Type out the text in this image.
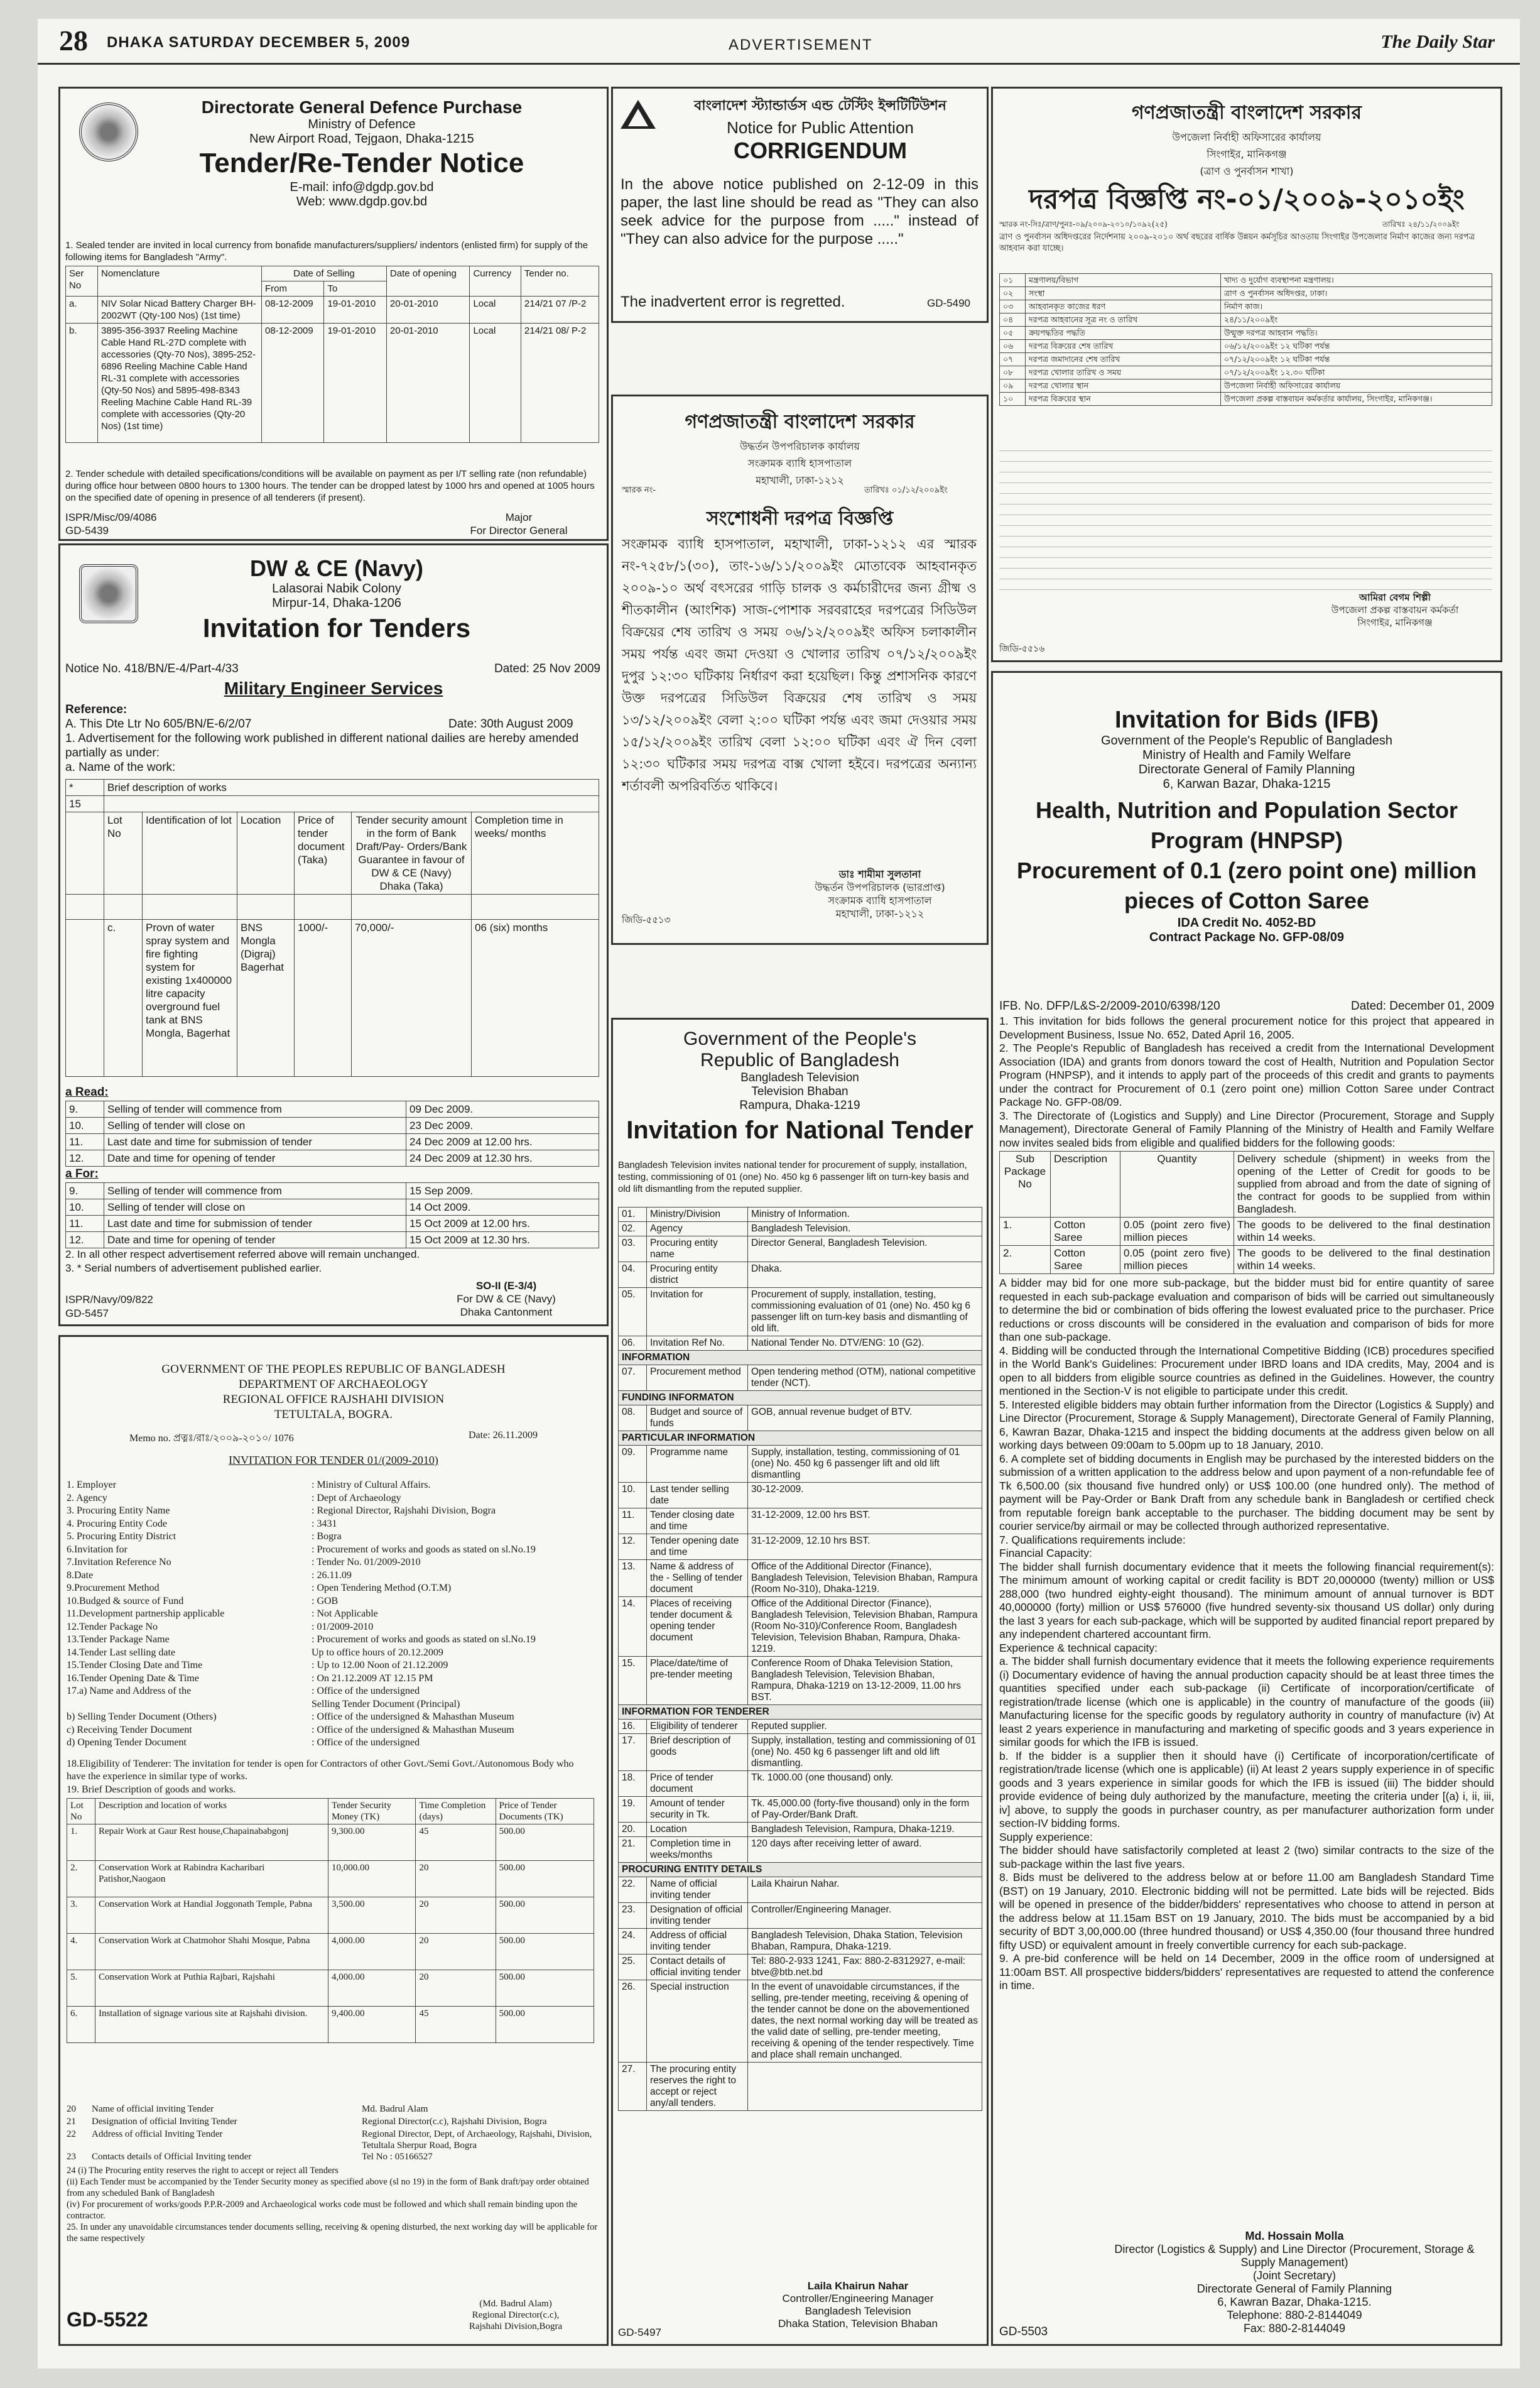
28 DHAKA SATURDAY DECEMBER 5, 2009	ADVERTISEMENT	The Daily Star
Directorate General Defence Purchase
Ministry of Defence
New Airport Road, Tejgaon, Dhaka-1215
Tender/Re-Tender Notice
E-mail: info@dgdp.gov.bd
Web: www.dgdp.gov.bd
1. Sealed tender are invited in local currency from bonafide manufacturers/suppliers/ indentors (enlisted firm) for supply of the following items for Bangladesh "Army".
Ser No	Nomenclature	Date of Selling		Date of opening	Currency	Tender no.
		From	To			
a.	NIV Solar Nicad Battery Charger BH-2002WT (Qty-100 Nos) (1st time)	08-12-2009	19-01-2010	20-01-2010	Local	214/21 07 /P-2
b.	3895-356-3937 Reeling Machine Cable Hand RL-27D complete with accessories (Qty-70 Nos), 3895-252-6896 Reeling Machine Cable Hand RL-31 complete with accessories (Qty-50 Nos) and 5895-498-8343 Reeling Machine Cable Hand RL-39 complete with accessories (Qty-20 Nos) (1st time)	08-12-2009	19-01-2010	20-01-2010	Local	214/21 08/ P-2
2. Tender schedule with detailed specifications/conditions will be available on payment as per I/T selling rate (non refundable) during office hour between 0800 hours to 1300 hours. The tender can be dropped latest by 1000 hrs and opened at 1005 hours on the specified date of opening in presence of all tenderers (if present).
ISPR/Misc/09/4086
GD-5439
Major
For Director General
DW & CE (Navy)
Lalasorai Nabik Colony
Mirpur-14, Dhaka-1206
Invitation for Tenders
Notice No. 418/BN/E-4/Part-4/33	Dated: 25 Nov 2009
Military Engineer Services
Reference:
A. This Dte Ltr No 605/BN/E-6/2/07	Date: 30th August 2009
1. Advertisement for the following work published in different national dailies are hereby amended partially as under:
a. Name of the work:
*	Brief description of works					
15						
	Lot No	Identification of lot	Location	Price of tender document (Taka)	Tender security amount in the form of Bank Draft/Pay- Orders/Bank Guarantee in favour of DW & CE (Navy) Dhaka (Taka)	Completion time in weeks/ months

	c.	Provn of water spray system and fire fighting system for existing 1x400000 litre capacity overground fuel tank at BNS Mongla, Bagerhat	BNS Mongla (Digraj) Bagerhat	1000/-	70,000/-	06 (six) months
a Read:
9.	Selling of tender will commence from	09 Dec 2009.
10.	Selling of tender will close on	23 Dec 2009.
11.	Last date and time for submission of tender	24 Dec 2009 at 12.00 hrs.
12.	Date and time for opening of tender	24 Dec 2009 at 12.30 hrs.
a For:
9.	Selling of tender will commence from	15 Sep 2009.
10.	Selling of tender will close on	14 Oct 2009.
11.	Last date and time for submission of tender	15 Oct 2009 at 12.00 hrs.
12.	Date and time for opening of tender	15 Oct 2009 at 12.30 hrs.
2. In all other respect advertisement referred above will remain unchanged.
3. * Serial numbers of advertisement published earlier.
ISPR/Navy/09/822
GD-5457
SO-II (E-3/4)
For DW & CE (Navy)
Dhaka Cantonment
GOVERNMENT OF THE PEOPLES REPUBLIC OF BANGLADESH
DEPARTMENT OF ARCHAEOLOGY
REGIONAL OFFICE RAJSHAHI DIVISION
TETULTALA, BOGRA.
Memo no. প্রত্নঃ/রাঃ/২০০৯-২০১০/ 1076	Date: 26.11.2009
INVITATION FOR TENDER 01/(2009-2010)
1. Employer	: Ministry of Cultural Affairs.
2. Agency	: Dept of Archaeology
3. Procuring Entity Name	: Regional Director, Rajshahi Division, Bogra
4. Procuring Entity Code	: 3431
5. Procuring Entity District	: Bogra
6.Invitation for	: Procurement of works and goods as stated on sl.No.19
7.Invitation Reference No	: Tender No. 01/2009-2010
8.Date	: 26.11.09
9.Procurement Method	: Open Tendering Method (O.T.M)
10.Budged & source of Fund	: GOB
11.Development partnership applicable	: Not Applicable
12.Tender Package No	: 01/2009-2010
13.Tender Package Name	: Procurement of works and goods as stated on sl.No.19
14.Tender Last selling date	Up to office hours of 20.12.2009
15.Tender Closing Date and Time	: Up to 12.00 Noon of 21.12.2009
16.Tender Opening Date & Time	: On 21.12.2009 AT 12.15 PM
17.a) Name and Address of the	: Office of the undersigned
Selling Tender Document (Principal)
b) Selling Tender Document (Others)	: Office of the undersigned & Mahasthan Museum
c) Receiving Tender Document	: Office of the undersigned & Mahasthan Museum
d) Opening Tender Document	: Office of the undersigned
18.Eligibility of Tenderer: The invitation for tender is open for Contractors of other Govt./Semi Govt./Autonomous Body who have the experience in similar type of works.
19. Brief Description of goods and works.
Lot No	Description and location of works	Tender Security Money (TK)	Time Completion (days)	Price of Tender Documents (TK)
1.	Repair Work at Gaur Rest house,Chapainababgonj	9,300.00	45	500.00
2.	Conservation Work at Rabindra Kacharibari Patishor,Naogaon	10,000.00	20	500.00
3.	Conservation Work at Handial Joggonath Temple, Pabna	3,500.00	20	500.00
4.	Conservation Work at Chatmohor Shahi Mosque, Pabna	4,000.00	20	500.00
5.	Conservation Work at Puthia Rajbari, Rajshahi	4,000.00	20	500.00
6.	Installation of signage various site at Rajshahi division.	9,400.00	45	500.00
20 Name of official inviting Tender	Md. Badrul Alam
21 Designation of official Inviting Tender	Regional Director(c.c), Rajshahi Division, Bogra
22 Address of official Inviting Tender	Regional Director, Dept, of Archaeology, Rajshahi, Division, Tetultala Sherpur Road, Bogra
23 Contacts details of Official Inviting tender	Tel No : 05166527
24 (i) The Procuring entity reserves the right to accept or reject all Tenders
(ii) Each Tender must be accompanied by the Tender Security money as specified above (sl no 19) in the form of Bank draft/pay order obtained from any scheduled Bank of Bangladesh
(iv) For procurement of works/goods P.P.R-2009 and Archaeological works code must be followed and which shall remain binding upon the contractor.
25. In under any unavoidable circumstances tender documents selling, receiving & opening disturbed, the next working day will be applicable for the same respectively
GD-5522
(Md. Badrul Alam)
Regional Director(c.c),
Rajshahi Division,Bogra
বাংলাদেশ স্ট্যান্ডার্ডস এন্ড টেস্টিং ইন্সটিটিউশন
Notice for Public Attention
CORRIGENDUM
In the above notice published on 2-12-09 in this paper, the last line should be read as "They can also seek advice for the purpose from ....." instead of "They can also advice for the purpose ....."
The inadvertent error is regretted.	GD-5490
গণপ্রজাতন্ত্রী বাংলাদেশ সরকার
উদ্ধর্তন উপপরিচালক কার্যালয়
সংক্রামক ব্যাধি হাসপাতাল
মহাখালী, ঢাকা-১২১২
স্মারক নং-	তারিখঃ ০১/১২/২০০৯ইং
সংশোধনী দরপত্র বিজ্ঞপ্তি
সংক্রামক ব্যাধি হাসপাতাল, মহাখালী, ঢাকা-১২১২ এর স্মারক নং-৭২৫৮/১(৩০), তাং-১৬/১১/২০০৯ইং মোতাবেক আহবানকৃত ২০০৯-১০ অর্থ বৎসরের গাড়ি চালক ও কর্মচারীদের জন্য গ্রীষ্ম ও শীতকালীন (আংশিক) সাজ-পোশাক সরবরাহের দরপত্রের সিডিউল বিক্রয়ের শেষ তারিখ ও সময় ০৬/১২/২০০৯ইং অফিস চলাকালীন সময় পর্যন্ত এবং জমা দেওয়া ও খোলার তারিখ ০৭/১২/২০০৯ইং দুপুর ১২:৩০ ঘটিকায় নির্ধারণ করা হয়েছিল। কিন্তু প্রশাসনিক কারণে উক্ত দরপত্রের সিডিউল বিক্রয়ের শেষ তারিখ ও সময় ১৩/১২/২০০৯ইং বেলা ২:০০ ঘটিকা পর্যন্ত এবং জমা দেওয়ার সময় ১৫/১২/২০০৯ইং তারিখ বেলা ১২:০০ ঘটিকা এবং ঐ দিন বেলা ১২:৩০ ঘটিকার সময় দরপত্র বাক্স খোলা হইবে। দরপত্রের অন্যান্য শর্তাবলী অপরিবর্তিত থাকিবে।
ডাঃ শামীমা সুলতানা
উদ্ধর্তন উপপরিচালক (ভারপ্রাপ্ত)
সংক্রামক ব্যাধি হাসপাতাল
মহাখালী, ঢাকা-১২১২
জিডি-৫৫১৩
Government of the People's
Republic of Bangladesh
Bangladesh Television
Television Bhaban
Rampura, Dhaka-1219
Invitation for National Tender
Bangladesh Television invites national tender for procurement of supply, installation, testing, commissioning of 01 (one) No. 450 kg 6 passenger lift on turn-key basis and old lift dismantling from the reputed supplier.
01.	Ministry/Division	Ministry of Information.
02.	Agency	Bangladesh Television.
03.	Procuring entity name	Director General, Bangladesh Television.
04.	Procuring entity district	Dhaka.
05.	Invitation for	Procurement of supply, installation, testing, commissioning evaluation of 01 (one) No. 450 kg 6 passenger lift on turn-key basis and dismantling of old lift.
06.	Invitation Ref No.	National Tender No. DTV/ENG: 10 (G2).
INFORMATION		
07.	Procurement method	Open tendering method (OTM), national competitive tender (NCT).
FUNDING INFORMATON		
08.	Budget and source of funds	GOB, annual revenue budget of BTV.
PARTICULAR INFORMATION		
09.	Programme name	Supply, installation, testing, commissioning of 01 (one) No. 450 kg 6 passenger lift and old lift dismantling
10.	Last tender selling date	30-12-2009.
11.	Tender closing date and time	31-12-2009, 12.00 hrs BST.
12.	Tender opening date and time	31-12-2009, 12.10 hrs BST.
13.	Name & address of the - Selling of tender document	Office of the Additional Director (Finance), Bangladesh Television, Television Bhaban, Rampura (Room No-310), Dhaka-1219.
14.	Places of receiving tender document & opening tender document	Office of the Additional Director (Finance), Bangladesh Television, Television Bhaban, Rampura (Room No-310)/Conference Room, Bangladesh Television, Television Bhaban, Rampura, Dhaka-1219.
15.	Place/date/time of pre-tender meeting	Conference Room of Dhaka Television Station, Bangladesh Television, Television Bhaban, Rampura, Dhaka-1219 on 13-12-2009, 11.00 hrs BST.
INFORMATION FOR TENDERER		
16.	Eligibility of tenderer	Reputed supplier.
17.	Brief description of goods	Supply, installation, testing and commissioning of 01 (one) No. 450 kg 6 passenger lift and old lift dismantling.
18.	Price of tender document	Tk. 1000.00 (one thousand) only.
19.	Amount of tender security in Tk.	Tk. 45,000.00 (forty-five thousand) only in the form of Pay-Order/Bank Draft.
20.	Location	Bangladesh Television, Rampura, Dhaka-1219.
21.	Completion time in weeks/months	120 days after receiving letter of award.
PROCURING ENTITY DETAILS		
22.	Name of official inviting tender	Laila Khairun Nahar.
23.	Designation of official inviting tender	Controller/Engineering Manager.
24.	Address of official inviting tender	Bangladesh Television, Dhaka Station, Television Bhaban, Rampura, Dhaka-1219.
25.	Contact details of official inviting tender	Tel: 880-2-933 1241, Fax: 880-2-8312927, e-mail: btve@btb.net.bd
26.	Special instruction	In the event of unavoidable circumstances, if the selling, pre-tender meeting, receiving & opening of the tender cannot be done on the abovementioned dates, the next normal working day will be treated as the valid date of selling, pre-tender meeting, receiving & opening of the tender respectively. Time and place shall remain unchanged.
27.	The procuring entity reserves the right to accept or reject any/all tenders.	
Laila Khairun Nahar
Controller/Engineering Manager
Bangladesh Television
Dhaka Station, Television Bhaban
GD-5497
গণপ্রজাতন্ত্রী বাংলাদেশ সরকার
উপজেলা নির্বাহী অফিসারের কার্যালয়
সিংগাইর, মানিকগঞ্জ
(ত্রাণ ও পুনর্বাসন শাখা)
দরপত্র বিজ্ঞপ্তি নং-০১/২০০৯-২০১০ইং
স্মারক নং-সিঃ/ত্রাণ/পুনঃ-০৯/২০০৯-২০১০/১০৯২(২৫)	তারিখঃ ২৪/১১/২০০৯ইং
ত্রাণ ও পুনর্বাসন অধিদপ্তরের নির্দেশনায় ২০০৯-২০১০ অর্থ বছরের বার্ষিক উন্নয়ন কর্মসূচির আওতায় সিংগাইর উপজেলার নির্মাণ কাজের জন্য দরপত্র আহবান করা যাচ্ছে।
০১	মন্ত্রণালয়/বিভাগ	খাদ্য ও দুর্যোগ ব্যবস্থাপনা মন্ত্রণালয়।
০২	সংস্থা	ত্রাণ ও পুনর্বাসন অধিদপ্তর, ঢাকা।
০৩	আহবানকৃত কাজের ধরণ	নির্মাণ কাজ।
০৪	দরপত্র আহবানের সূত্র নং ও তারিখ	২৪/১১/২০০৯ইং
০৫	ক্রয়পদ্ধতির পদ্ধতি	উন্মুক্ত দরপত্র আহবান পদ্ধতি।
০৬	দরপত্র বিক্রয়ের শেষ তারিখ	০৬/১২/২০০৯ইং ১২ ঘটিকা পর্যন্ত
০৭	দরপত্র জমাদানের শেষ তারিখ	০৭/১২/২০০৯ইং ১২ ঘটিকা পর্যন্ত
০৮	দরপত্র খোলার তারিখ ও সময়	০৭/১২/২০০৯ইং ১২.৩০ ঘটিকা
০৯	দরপত্র খোলার স্থান	উপজেলা নির্বাহী অফিসারের কার্যালয়
১০	দরপত্র বিক্রয়ের স্থান	উপজেলা প্রকল্প বাস্তবায়ন কর্মকর্তার কার্যালয়, সিংগাইর, মানিকগঞ্জ।
আমিরা বেগম শিল্পী
উপজেলা প্রকল্প বাস্তবায়ন কর্মকর্তা
সিংগাইর, মানিকগঞ্জ
জিডি-৫৫১৬
Invitation for Bids (IFB)
Government of the People's Republic of Bangladesh
Ministry of Health and Family Welfare
Directorate General of Family Planning
6, Karwan Bazar, Dhaka-1215
Health, Nutrition and Population Sector Program (HNPSP)
Procurement of 0.1 (zero point one) million pieces of Cotton Saree
IDA Credit No. 4052-BD
Contract Package No. GFP-08/09
IFB. No. DFP/L&S-2/2009-2010/6398/120	Dated: December 01, 2009
1. This invitation for bids follows the general procurement notice for this project that appeared in Development Business, Issue No. 652, Dated April 16, 2005.
2. The People's Republic of Bangladesh has received a credit from the International Development Association (IDA) and grants from donors toward the cost of Health, Nutrition and Population Sector Program (HNPSP), and it intends to apply part of the proceeds of this credit and grants to payments under the contract for Procurement of 0.1 (zero point one) million Cotton Saree under Contract Package No. GFP-08/09.
3. The Directorate of (Logistics and Supply) and Line Director (Procurement, Storage and Supply Management), Directorate General of Family Planning of the Ministry of Health and Family Welfare now invites sealed bids from eligible and qualified bidders for the following goods:
Sub Package No	Description	Quantity	Delivery schedule (shipment) in weeks from the opening of the Letter of Credit for goods to be supplied from abroad and from the date of signing of the contract for goods to be supplied from within Bangladesh.
1.	Cotton Saree	0.05 (point zero five) million pieces	The goods to be delivered to the final destination within 14 weeks.
2.	Cotton Saree	0.05 (point zero five) million pieces	The goods to be delivered to the final destination within 14 weeks.
A bidder may bid for one more sub-package, but the bidder must bid for entire quantity of saree requested in each sub-package evaluation and comparison of bids will be carried out simultaneously to determine the bid or combination of bids offering the lowest evaluated price to the purchaser. Price reductions or cross discounts will be considered in the evaluation and comparison of bids for more than one sub-package.
4. Bidding will be conducted through the International Competitive Bidding (ICB) procedures specified in the World Bank's Guidelines: Procurement under IBRD loans and IDA credits, May, 2004 and is open to all bidders from eligible source countries as defined in the Guidelines. However, the country mentioned in the Section-V is not eligible to participate under this credit.
5. Interested eligible bidders may obtain further information from the Director (Logistics & Supply) and Line Director (Procurement, Storage & Supply Management), Directorate General of Family Planning, 6, Kawran Bazar, Dhaka-1215 and inspect the bidding documents at the address given below on all working days between 09:00am to 5.00pm up to 18 January, 2010.
6. A complete set of bidding documents in English may be purchased by the interested bidders on the submission of a written application to the address below and upon payment of a non-refundable fee of Tk 6,500.00 (six thousand five hundred only) or US$ 100.00 (one hundred only). The method of payment will be Pay-Order or Bank Draft from any schedule bank in Bangladesh or certified check from reputable foreign bank acceptable to the purchaser. The bidding document may be sent by courier service/by airmail or may be collected through authorized representative.
7. Qualifications requirements include:
Financial Capacity:
The bidder shall furnish documentary evidence that it meets the following financial requirement(s): The minimum amount of working capital or credit facility is BDT 20,000000 (twenty) million or US$ 288,000 (two hundred eighty-eight thousand). The minimum amount of annual turnover is BDT 40,000000 (forty) million or US$ 576000 (five hundred seventy-six thousand US dollar) only during the last 3 years for each sub-package, which will be supported by audited financial report prepared by any independent chartered accountant firm.
Experience & technical capacity:
a. The bidder shall furnish documentary evidence that it meets the following experience requirements (i) Documentary evidence of having the annual production capacity should be at least three times the quantities specified under each sub-package (ii) Certificate of incorporation/certificate of registration/trade license (which one is applicable) in the country of manufacture of the goods (iii) Manufacturing license for the specific goods by regulatory authority in country of manufacture (iv) At least 2 years experience in manufacturing and marketing of specific goods and 3 years experience in similar goods for which the IFB is issued.
b. If the bidder is a supplier then it should have (i) Certificate of incorporation/certificate of registration/trade license (which one is applicable) (ii) At least 2 years supply experience in of specific goods and 3 years experience in similar goods for which the IFB is issued (iii) The bidder should provide evidence of being duly authorized by the manufacture, meeting the criteria under [(a) i, ii, iii, iv] above, to supply the goods in purchaser country, as per manufacturer authorization form under section-IV bidding forms.
Supply experience:
The bidder should have satisfactorily completed at least 2 (two) similar contracts to the size of the sub-package within the last five years.
8. Bids must be delivered to the address below at or before 11.00 am Bangladesh Standard Time (BST) on 19 January, 2010. Electronic bidding will not be permitted. Late bids will be rejected. Bids will be opened in presence of the bidder/bidders' representatives who choose to attend in person at the address below at 11.15am BST on 19 January, 2010. The bids must be accompanied by a bid security of BDT 3,00,000.00 (three hundred thousand) or US$ 4,350.00 (four thousand three hundred fifty USD) or equivalent amount in freely convertible currency for each sub-package.
9. A pre-bid conference will be held on 14 December, 2009 in the office room of undersigned at 11:00am BST. All prospective bidders/bidders' representatives are requested to attend the conference in time.
Md. Hossain Molla
Director (Logistics & Supply) and Line Director (Procurement, Storage & Supply Management)
(Joint Secretary)
Directorate General of Family Planning
6, Kawran Bazar, Dhaka-1215.
Telephone: 880-2-8144049
Fax: 880-2-8144049
GD-5503
